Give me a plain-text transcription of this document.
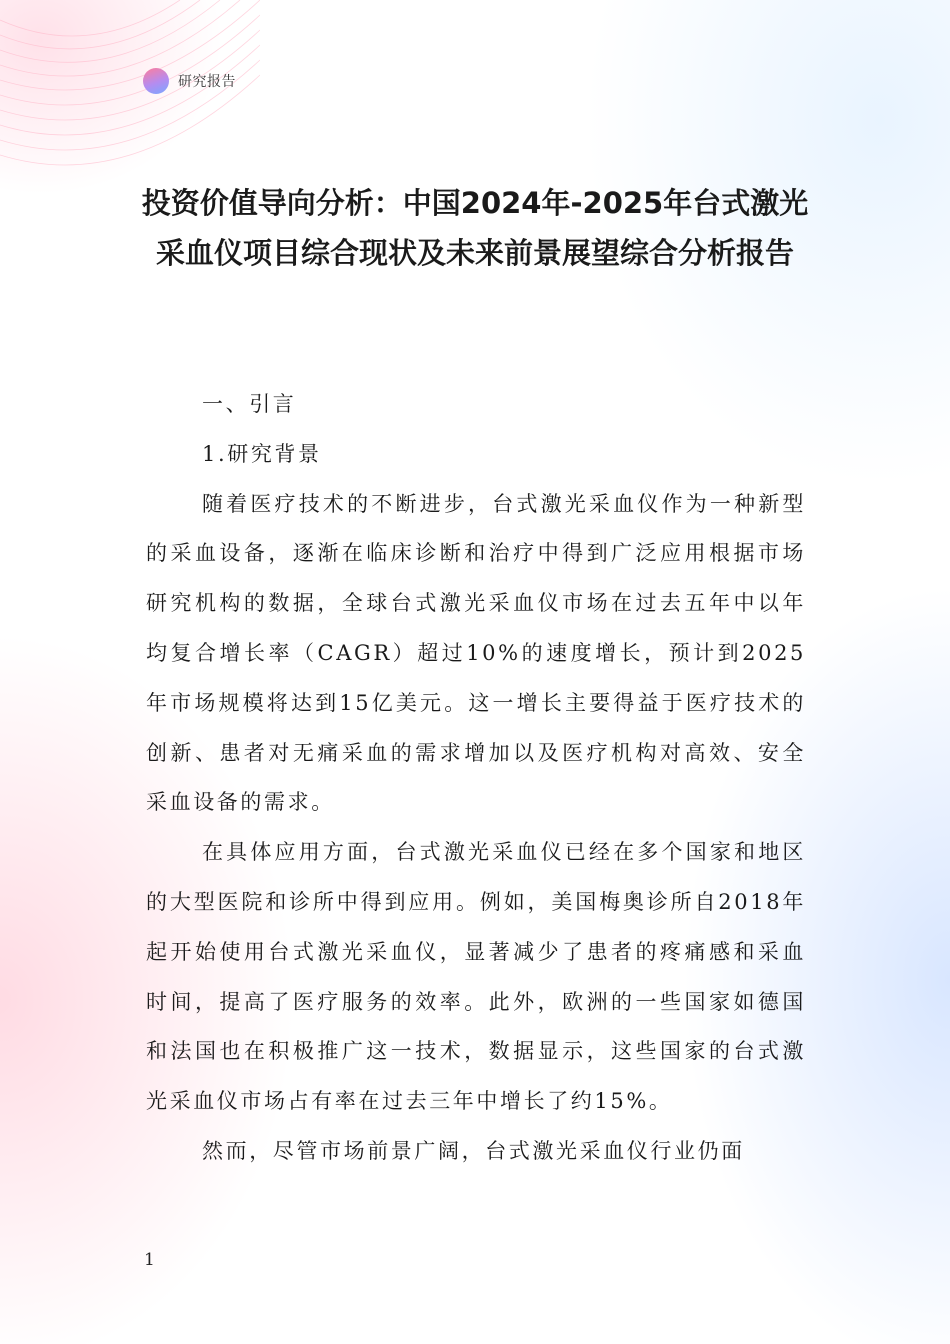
研究报告
投资价值导向分析：中国2024年-2025年台式激光采血仪项目综合现状及未来前景展望综合分析报告

一、引言

1.研究背景

随着医疗技术的不断进步，台式激光采血仪作为一种新型的采血设备，逐渐在临床诊断和治疗中得到广泛应用根据市场研究机构的数据，全球台式激光采血仪市场在过去五年中以年均复合增长率（CAGR）超过10%的速度增长，预计到2025年市场规模将达到15亿美元。这一增长主要得益于医疗技术的创新、患者对无痛采血的需求增加以及医疗机构对高效、安全采血设备的需求。

在具体应用方面，台式激光采血仪已经在多个国家和地区的大型医院和诊所中得到应用。例如，美国梅奥诊所自2018年起开始使用台式激光采血仪，显著减少了患者的疼痛感和采血时间，提高了医疗服务的效率。此外，欧洲的一些国家如德国和法国也在积极推广这一技术，数据显示，这些国家的台式激光采血仪市场占有率在过去三年中增长了约15%。

然而，尽管市场前景广阔，台式激光采血仪行业仍面

1
